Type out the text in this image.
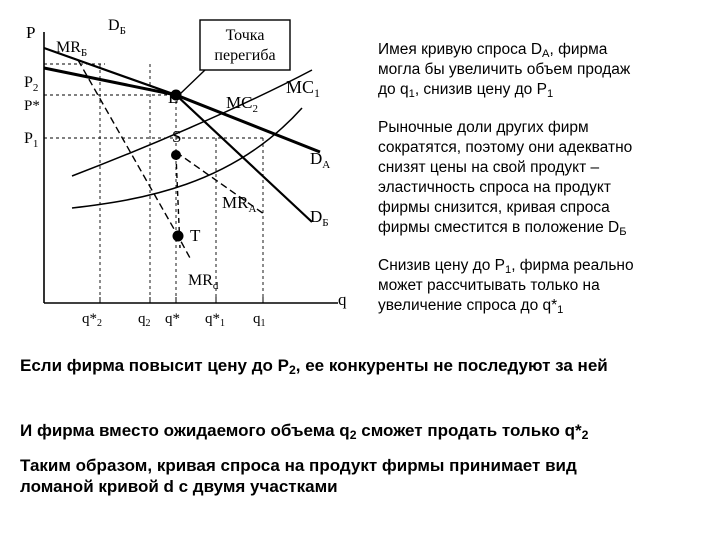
P
q
Точка
перегиба
E
S
T
$P_2$
P*
$P_1$
$MR_Б$
$D_Б$
$MC_1$
$MC_2$
$D_A$
$MR_A$	$D_Б$
$MR_d$
$q*_2$ $q_2$ q* $q*_1$ $q_1$
Имея кривую спроса $D_A$, фирма
могла бы увеличить объем продаж
до $q_1$, снизив цену до $P_1$
Рыночные доли других фирм
сократятся, поэтому они адекватно
снизят цены на свой продукт –
эластичность спроса на продукт
фирмы снизится, кривая спроса
фирмы сместится в положение $D_Б$
Снизив цену до $P_1$, фирма реально
может рассчитывать только на
увеличение спроса до $q*_1$
Если фирма повысит цену до $P_2$, ее конкуренты не последуют за ней
И фирма вместо ожидаемого объема $q_2$ сможет продать только $q*_2$
Таким образом, кривая спроса на продукт фирмы принимает вид
ломаной кривой d с двумя участками
